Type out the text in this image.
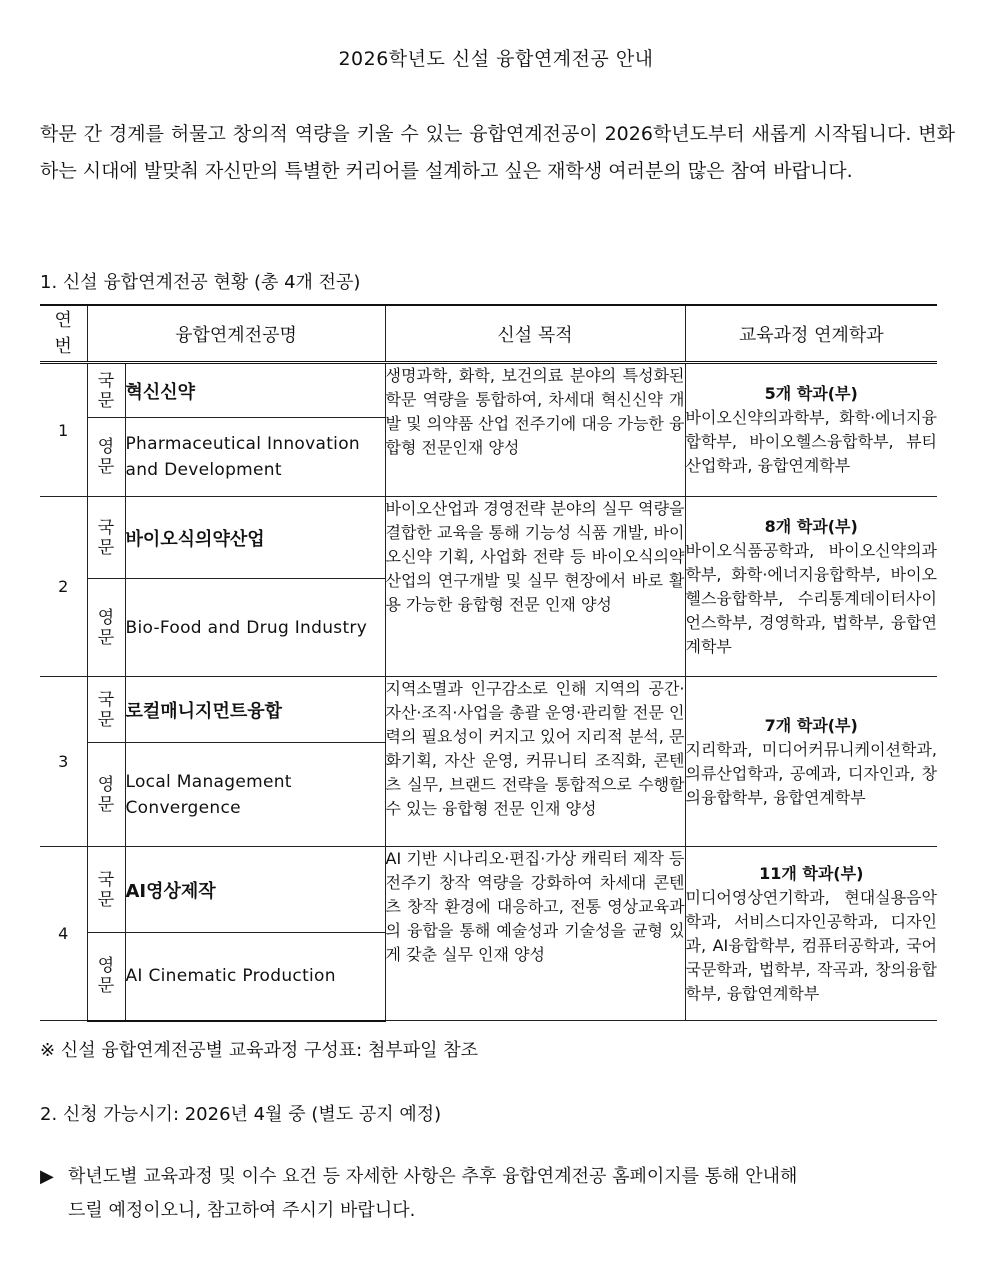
2026학년도 신설 융합연계전공 안내
학문 간 경계를 허물고 창의적 역량을 키울 수 있는 융합연계전공이 2026학년도부터 새롭게 시작됩니다. 변화하는 시대에 발맞춰 자신만의 특별한 커리어를 설계하고 싶은 재학생 여러분의 많은 참여 바랍니다.
1. 신설 융합연계전공 현황 (총 4개 전공)
연번	융합연계전공명		신설 목적	교육과정 연계학과
1	국문	혁신신약	생명과학, 화학, 보건의료 분야의 특성화된 학문 역량을 통합하여, 차세대 혁신신약 개발 및 의약품 산업 전주기에 대응 가능한 융합형 전문인재 양성	5개 학과(부)
바이오신약의과학부, 화학·에너지융합학부, 바이오헬스융합학부, 뷰티산업학과, 융합연계학부

	영문	Pharmaceutical Innovation and Development		
2	국문	바이오식의약산업	바이오산업과 경영전략 분야의 실무 역량을 결합한 교육을 통해 기능성 식품 개발, 바이오신약 기획, 사업화 전략 등 바이오식의약 산업의 연구개발 및 실무 현장에서 바로 활용 가능한 융합형 전문 인재 양성	8개 학과(부)
바이오식품공학과, 바이오신약의과학부, 화학·에너지융합학부, 바이오헬스융합학부, 수리통계데이터사이언스학부, 경영학과, 법학부, 융합연계학부

	영문	Bio-Food and Drug Industry		
3	국문	로컬매니지먼트융합	지역소멸과 인구감소로 인해 지역의 공간·자산·조직·사업을 총괄 운영·관리할 전문 인력의 필요성이 커지고 있어 지리적 분석, 문화기획, 자산 운영, 커뮤니티 조직화, 콘텐츠 실무, 브랜드 전략을 통합적으로 수행할 수 있는 융합형 전문 인재 양성	7개 학과(부)
지리학과, 미디어커뮤니케이션학과, 의류산업학과, 공예과, 디자인과, 창의융합학부, 융합연계학부

	영문	Local Management Convergence		
4	국문	AI영상제작	AI 기반 시나리오·편집·가상 캐릭터 제작 등 전주기 창작 역량을 강화하여 차세대 콘텐츠 창작 환경에 대응하고, 전통 영상교육과의 융합을 통해 예술성과 기술성을 균형 있게 갖춘 실무 인재 양성	11개 학과(부)
미디어영상연기학과, 현대실용음악학과, 서비스디자인공학과, 디자인과, AI융합학부, 컴퓨터공학과, 국어국문학과, 법학부, 작곡과, 창의융합학부, 융합연계학부

	영문	AI Cinematic Production		
※ 신설 융합연계전공별 교육과정 구성표: 첨부파일 참조
2. 신청 가능시기: 2026년 4월 중 (별도 공지 예정)
▶ 학년도별 교육과정 및 이수 요건 등 자세한 사항은 추후 융합연계전공 홈페이지를 통해 안내해
드릴 예정이오니, 참고하여 주시기 바랍니다.
